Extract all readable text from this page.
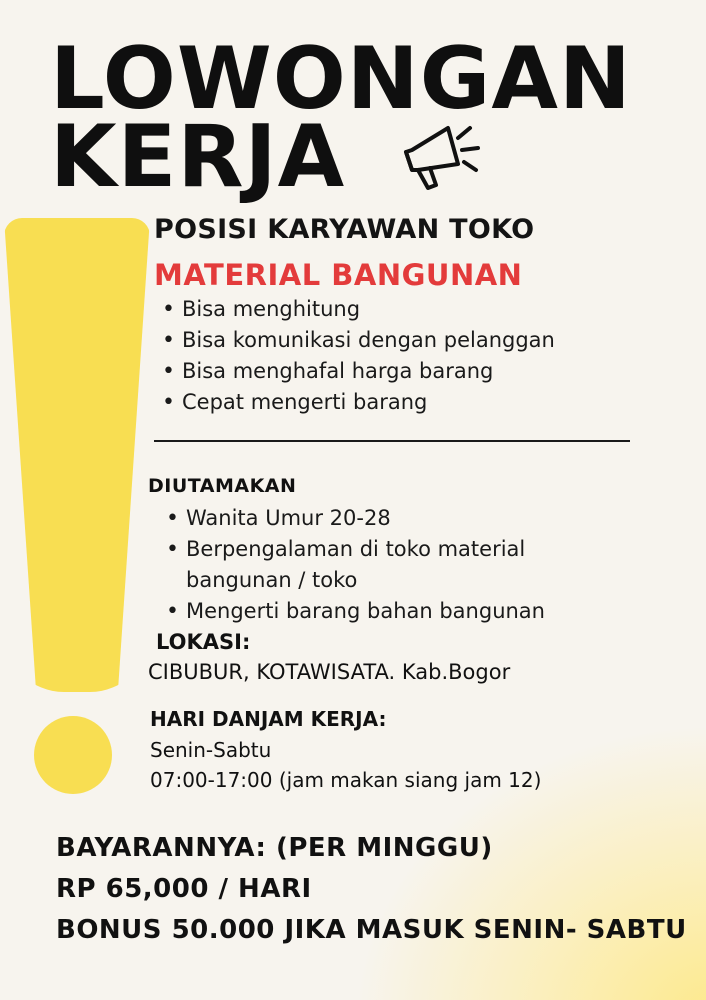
LOWONGAN
KERJA
POSISI KARYAWAN TOKO
MATERIAL BANGUNAN
• Bisa menghitung
• Bisa komunikasi dengan pelanggan
• Bisa menghafal harga barang
• Cepat mengerti barang
DIUTAMAKAN
• Wanita Umur 20-28
• Berpengalaman di toko material bangunan / toko
• Mengerti barang bahan bangunan
LOKASI:
CIBUBUR, KOTAWISATA. Kab.Bogor
HARI DANJAM KERJA:
Senin-Sabtu
07:00-17:00 (jam makan siang jam 12)
BAYARANNYA: (PER MINGGU)
RP 65,000 / HARI
BONUS 50.000 JIKA MASUK SENIN- SABTU
